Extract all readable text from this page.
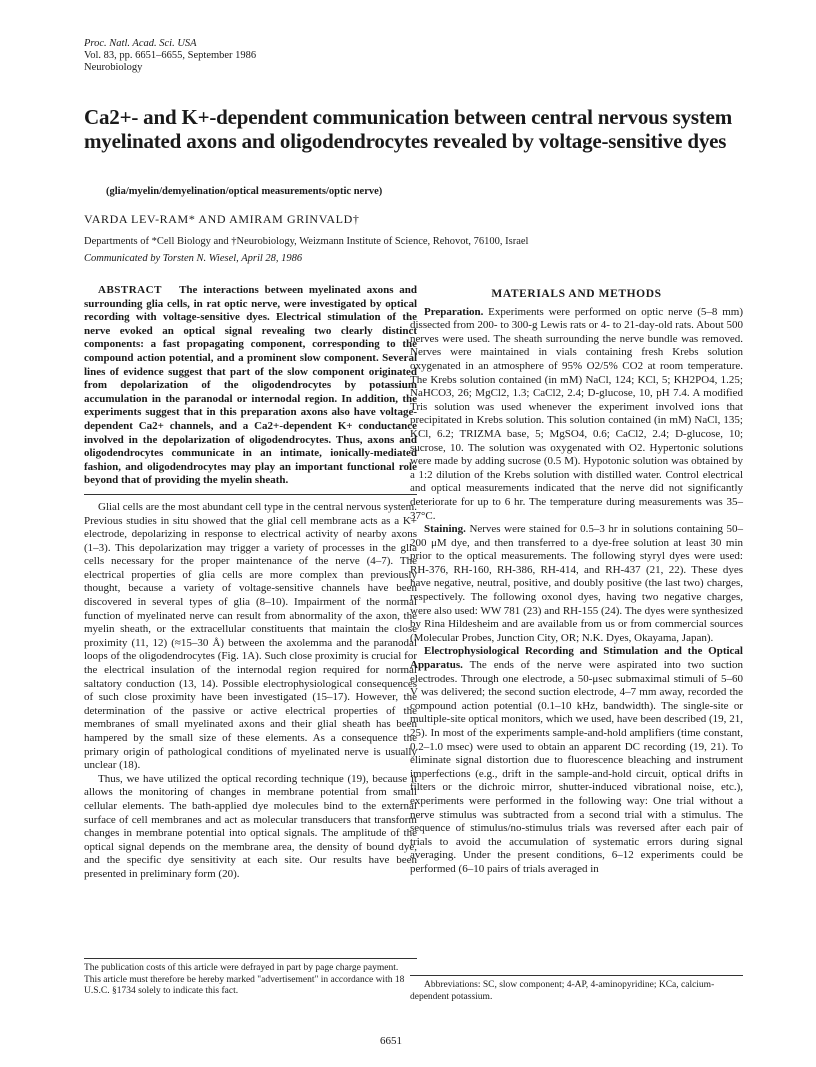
Proc. Natl. Acad. Sci. USA
Vol. 83, pp. 6651–6655, September 1986
Neurobiology
Ca2+- and K+-dependent communication between central nervous system myelinated axons and oligodendrocytes revealed by voltage-sensitive dyes
(glia/myelin/demyelination/optical measurements/optic nerve)
VARDA LEV-RAM* AND AMIRAM GRINVALD†
Departments of *Cell Biology and †Neurobiology, Weizmann Institute of Science, Rehovot, 76100, Israel
Communicated by Torsten N. Wiesel, April 28, 1986
ABSTRACT The interactions between myelinated axons and surrounding glia cells, in rat optic nerve, were investigated by optical recording with voltage-sensitive dyes. Electrical stimulation of the nerve evoked an optical signal revealing two clearly distinct components: a fast propagating component, corresponding to the compound action potential, and a prominent slow component. Several lines of evidence suggest that part of the slow component originated from depolarization of the oligodendrocytes by potassium accumulation in the paranodal or internodal region. In addition, the experiments suggest that in this preparation axons also have voltage-dependent Ca2+ channels, and a Ca2+-dependent K+ conductance involved in the depolarization of oligodendrocytes. Thus, axons and oligodendrocytes communicate in an intimate, ionically-mediated fashion, and oligodendrocytes may play an important functional role beyond that of providing the myelin sheath.

Glial cells are the most abundant cell type in the central nervous system. Previous studies in situ showed that the glial cell membrane acts as a K+ electrode, depolarizing in response to electrical activity of nearby axons (1–3). This depolarization may trigger a variety of processes in the glia cells necessary for the proper maintenance of the nerve (4–7). The electrical properties of glia cells are more complex than previously thought, because a variety of voltage-sensitive channels have been discovered in several types of glia (8–10). Impairment of the normal function of myelinated nerve can result from abnormality of the axon, the myelin sheath, or the extracellular constituents that maintain the close proximity (11, 12) (≈15–30 Å) between the axolemma and the paranodal loops of the oligodendrocytes (Fig. 1A). Such close proximity is crucial for the electrical insulation of the internodal region required for normal saltatory conduction (13, 14). Possible electrophysiological consequences of such close proximity have been investigated (15–17). However, the determination of the passive or active electrical properties of the membranes of small myelinated axons and their glial sheath has been hampered by the small size of these elements. As a consequence the primary origin of pathological conditions of myelinated nerve is usually unclear (18).

Thus, we have utilized the optical recording technique (19), because it allows the monitoring of changes in membrane potential from small cellular elements. The bath-applied dye molecules bind to the external surface of cell membranes and act as molecular transducers that transform changes in membrane potential into optical signals. The amplitude of the optical signal depends on the membrane area, the density of bound dye, and the specific dye sensitivity at each site. Our results have been presented in preliminary form (20).

MATERIALS AND METHODS

Preparation. Experiments were performed on optic nerve (5–8 mm) dissected from 200- to 300-g Lewis rats or 4- to 21-day-old rats. About 500 nerves were used. The sheath surrounding the nerve bundle was removed. Nerves were maintained in vials containing fresh Krebs solution oxygenated in an atmosphere of 95% O2/5% CO2 at room temperature. The Krebs solution contained (in mM) NaCl, 124; KCl, 5; KH2PO4, 1.25; NaHCO3, 26; MgCl2, 1.3; CaCl2, 2.4; D-glucose, 10, pH 7.4. A modified Tris solution was used whenever the experiment involved ions that precipitated in Krebs solution. This solution contained (in mM) NaCl, 135; KCl, 6.2; TRIZMA base, 5; MgSO4, 0.6; CaCl2, 2.4; D-glucose, 10; sucrose, 10. The solution was oxygenated with O2. Hypertonic solutions were made by adding sucrose (0.5 M). Hypotonic solution was obtained by a 1:2 dilution of the Krebs solution with distilled water. Control electrical and optical measurements indicated that the nerve did not significantly deteriorate for up to 6 hr. The temperature during measurements was 35–37°C.

Staining. Nerves were stained for 0.5–3 hr in solutions containing 50–200 μM dye, and then transferred to a dye-free solution at least 30 min prior to the optical measurements. The following styryl dyes were used: RH-376, RH-160, RH-386, RH-414, and RH-437 (21, 22). These dyes have negative, neutral, positive, and doubly positive (the last two) charges, respectively. The following oxonol dyes, having two negative charges, were also used: WW 781 (23) and RH-155 (24). The dyes were synthesized by Rina Hildesheim and are available from us or from commercial sources (Molecular Probes, Junction City, OR; N.K. Dyes, Okayama, Japan).

Electrophysiological Recording and Stimulation and the Optical Apparatus. The ends of the nerve were aspirated into two suction electrodes. Through one electrode, a 50-μsec submaximal stimuli of 5–60 V was delivered; the second suction electrode, 4–7 mm away, recorded the compound action potential (0.1–10 kHz, bandwidth). The single-site or multiple-site optical monitors, which we used, have been described (19, 21, 25). In most of the experiments sample-and-hold amplifiers (time constant, 0.2–1.0 msec) were used to obtain an apparent DC recording (19, 21). To eliminate signal distortion due to fluorescence bleaching and instrument imperfections (e.g., drift in the sample-and-hold circuit, optical drifts in filters or the dichroic mirror, shutter-induced vibrational noise, etc.), experiments were performed in the following way: One trial without a nerve stimulus was subtracted from a second trial with a stimulus. The sequence of stimulus/no-stimulus trials was reversed after each pair of trials to avoid the accumulation of systematic errors during signal averaging. Under the present conditions, 6–12 experiments could be performed (6–10 pairs of trials averaged in

The publication costs of this article were defrayed in part by page charge payment. This article must therefore be hereby marked "advertisement" in accordance with 18 U.S.C. §1734 solely to indicate this fact.
Abbreviations: SC, slow component; 4-AP, 4-aminopyridine; KCa, calcium-dependent potassium.
6651
